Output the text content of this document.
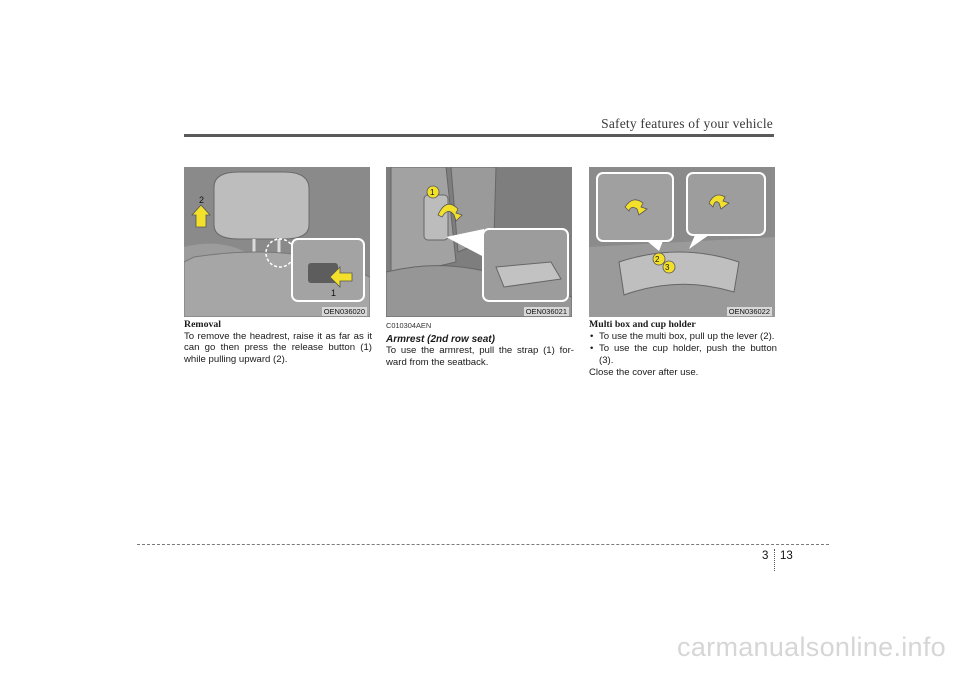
Safety features of your vehicle
2
1
OEN036020
1
OEN036021
2
3
OEN036022

Removal

To remove the headrest, raise it as far as it can go then press the release button (1) while pulling upward (2).

C010304AEN

Armrest (2nd row seat)

To use the armrest, pull the strap (1) for-ward from the seatback.

Multi box and cup holder

• To use the multi box, pull up the lever (2).
• To use the cup holder, push the button (3).

Close the cover after use.

3 13
carmanualsonline.info
